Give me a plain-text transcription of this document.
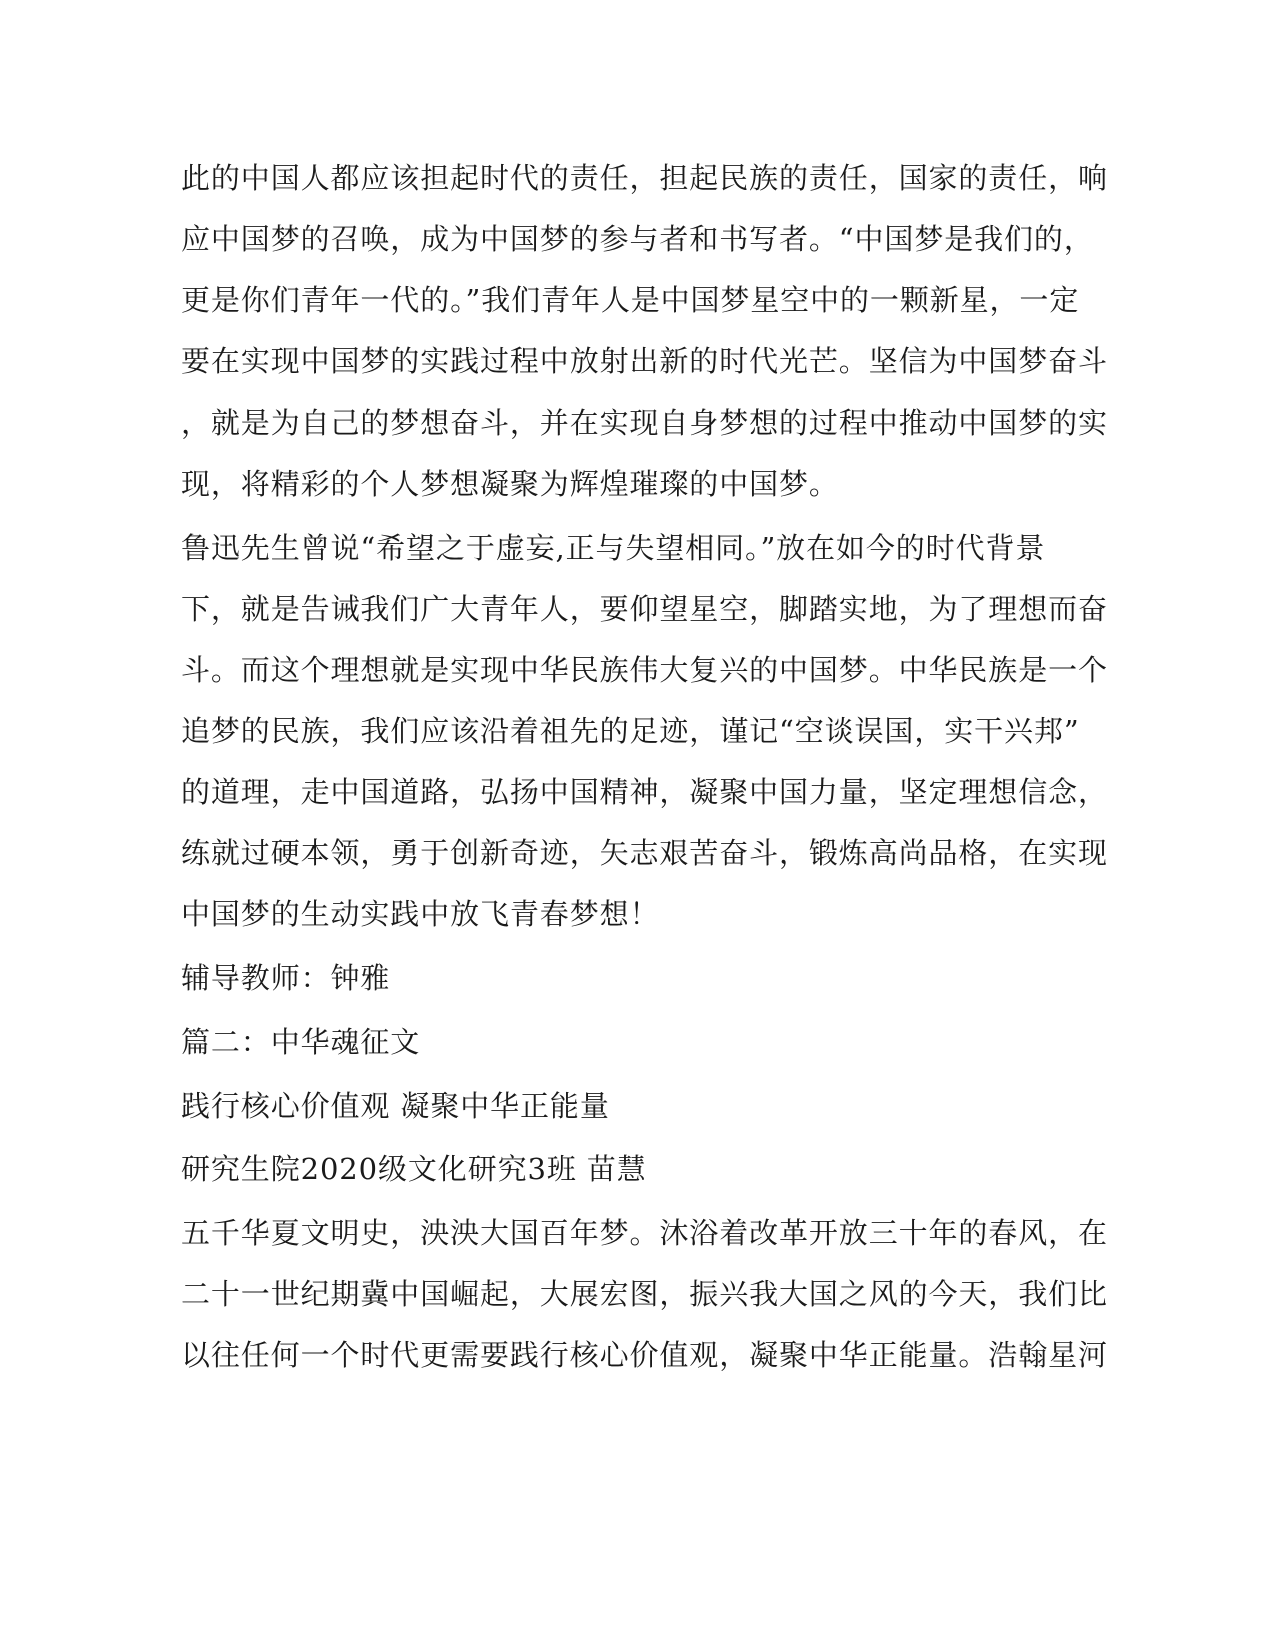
此的中国人都应该担起时代的责任，担起民族的责任，国家的责任，响
应中国梦的召唤，成为中国梦的参与者和书写者。“中国梦是我们的，
更是你们青年一代的。”我们青年人是中国梦星空中的一颗新星，一定
要在实现中国梦的实践过程中放射出新的时代光芒。坚信为中国梦奋斗
，就是为自己的梦想奋斗，并在实现自身梦想的过程中推动中国梦的实
现，将精彩的个人梦想凝聚为辉煌璀璨的中国梦。
鲁迅先生曾说“希望之于虚妄,正与失望相同。”放在如今的时代背景
下，就是告诫我们广大青年人，要仰望星空，脚踏实地，为了理想而奋
斗。而这个理想就是实现中华民族伟大复兴的中国梦。中华民族是一个
追梦的民族，我们应该沿着祖先的足迹，谨记“空谈误国，实干兴邦”
的道理，走中国道路，弘扬中国精神，凝聚中国力量，坚定理想信念，
练就过硬本领，勇于创新奇迹，矢志艰苦奋斗，锻炼高尚品格，在实现
中国梦的生动实践中放飞青春梦想！
辅导教师：钟雅
篇二：中华魂征文
践行核心价值观 凝聚中华正能量
研究生院2020级文化研究3班 苗慧
五千华夏文明史，泱泱大国百年梦。沐浴着改革开放三十年的春风，在
二十一世纪期冀中国崛起，大展宏图，振兴我大国之风的今天，我们比
以往任何一个时代更需要践行核心价值观，凝聚中华正能量。浩翰星河
